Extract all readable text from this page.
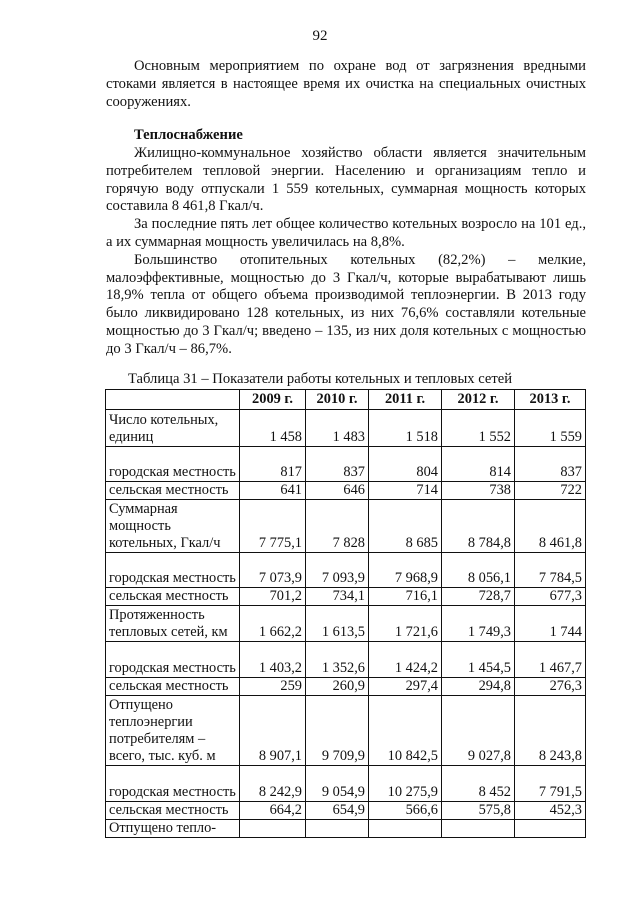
92

Основным мероприятием по охране вод от загрязнения вредными стоками является в настоящее время их очистка на специальных очистных сооружениях.

Теплоснабжение

Жилищно-коммунальное хозяйство области является значительным потребителем тепловой энергии. Населению и организациям тепло и горячую воду отпускали 1 559 котельных, суммарная мощность которых составила 8 461,8 Гкал/ч.

За последние пять лет общее количество котельных возросло на 101 ед., а их суммарная мощность увеличилась на 8,8%.

Большинство отопительных котельных (82,2%) – мелкие, малоэффективные, мощностью до 3 Гкал/ч, которые вырабатывают лишь 18,9% тепла от общего объема производимой теплоэнергии. В 2013 году было ликвидировано 128 котельных, из них 76,6% составляли котельные мощностью до 3 Гкал/ч; введено – 135, из них доля котельных с мощностью до 3 Гкал/ч – 86,7%.

Таблица 31 – Показатели работы котельных и тепловых сетей
	2009 г.	2010 г.	2011 г.	2012 г.	2013 г.
Число котельных, единиц	1 458	1 483	1 518	1 552	1 559
городская местность	817	837	804	814	837
сельская местность	641	646	714	738	722
Суммарная мощность котельных, Гкал/ч	7 775,1	7 828	8 685	8 784,8	8 461,8
городская местность	7 073,9	7 093,9	7 968,9	8 056,1	7 784,5
сельская местность	701,2	734,1	716,1	728,7	677,3
Протяженность тепловых сетей, км	1 662,2	1 613,5	1 721,6	1 749,3	1 744
городская местность	1 403,2	1 352,6	1 424,2	1 454,5	1 467,7
сельская местность	259	260,9	297,4	294,8	276,3
Отпущено теплоэнергии потребителям – всего, тыс. куб. м	8 907,1	9 709,9	10 842,5	9 027,8	8 243,8
городская местность	8 242,9	9 054,9	10 275,9	8 452	7 791,5
сельская местность	664,2	654,9	566,6	575,8	452,3
Отпущено тепло-					
